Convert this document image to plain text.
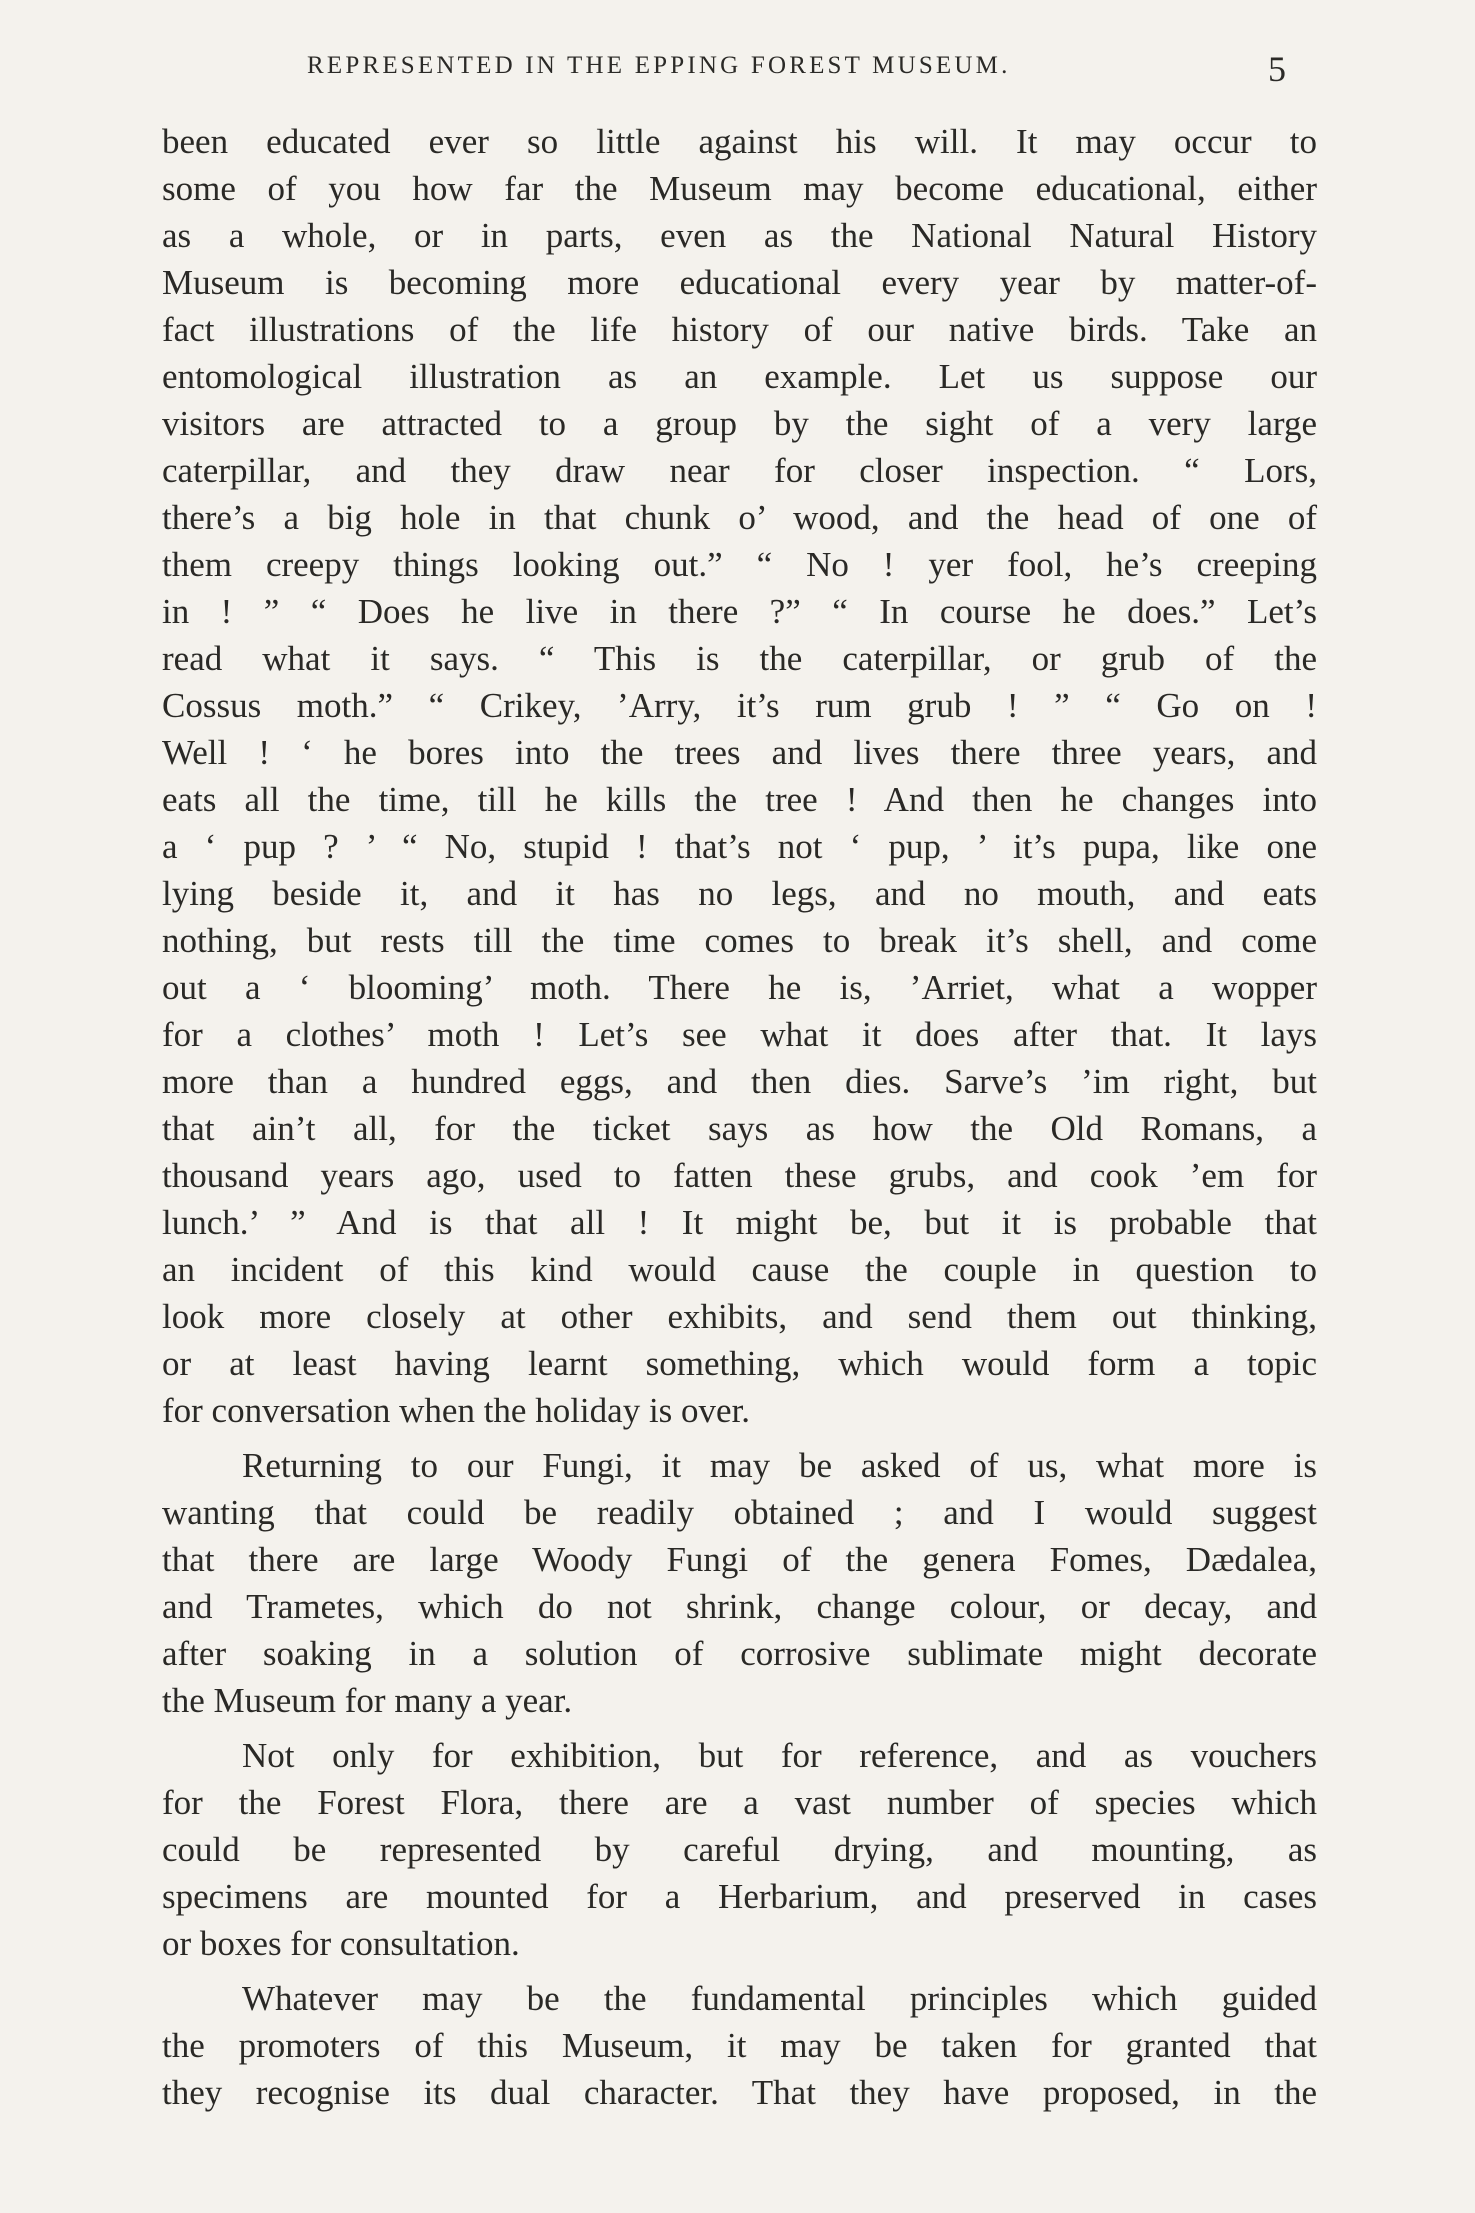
REPRESENTED IN THE EPPING FOREST MUSEUM.	5
been educated ever so little against his will. It may occur to
some of you how far the Museum may become educational, either
as a whole, or in parts, even as the National Natural History
Museum is becoming more educational every year by matter-of-
fact illustrations of the life history of our native birds. Take an
entomological illustration as an example. Let us suppose our
visitors are attracted to a group by the sight of a very large
caterpillar, and they draw near for closer inspection. “ Lors,
there’s a big hole in that chunk o’ wood, and the head of one of
them creepy things looking out.” “ No ! yer fool, he’s creeping
in ! ” “ Does he live in there ?” “ In course he does.” Let’s
read what it says. “ This is the caterpillar, or grub of the
Cossus moth.” “ Crikey, ’Arry, it’s rum grub ! ” “ Go on !
Well ! ‘ he bores into the trees and lives there three years, and
eats all the time, till he kills the tree ! And then he changes into
a ‘ pup ? ’ “ No, stupid ! that’s not ‘ pup, ’ it’s pupa, like one
lying beside it, and it has no legs, and no mouth, and eats
nothing, but rests till the time comes to break it’s shell, and come
out a ‘ blooming’ moth. There he is, ’Arriet, what a wopper
for a clothes’ moth ! Let’s see what it does after that. It lays
more than a hundred eggs, and then dies. Sarve’s ’im right, but
that ain’t all, for the ticket says as how the Old Romans, a
thousand years ago, used to fatten these grubs, and cook ’em for
lunch.’ ” And is that all ! It might be, but it is probable that
an incident of this kind would cause the couple in question to
look more closely at other exhibits, and send them out thinking,
or at least having learnt something, which would form a topic
for conversation when the holiday is over.
Returning to our Fungi, it may be asked of us, what more is
wanting that could be readily obtained ; and I would suggest
that there are large Woody Fungi of the genera Fomes, Dædalea,
and Trametes, which do not shrink, change colour, or decay, and
after soaking in a solution of corrosive sublimate might decorate
the Museum for many a year.
Not only for exhibition, but for reference, and as vouchers
for the Forest Flora, there are a vast number of species which
could be represented by careful drying, and mounting, as
specimens are mounted for a Herbarium, and preserved in cases
or boxes for consultation.
Whatever may be the fundamental principles which guided
the promoters of this Museum, it may be taken for granted that
they recognise its dual character. That they have proposed, in the
